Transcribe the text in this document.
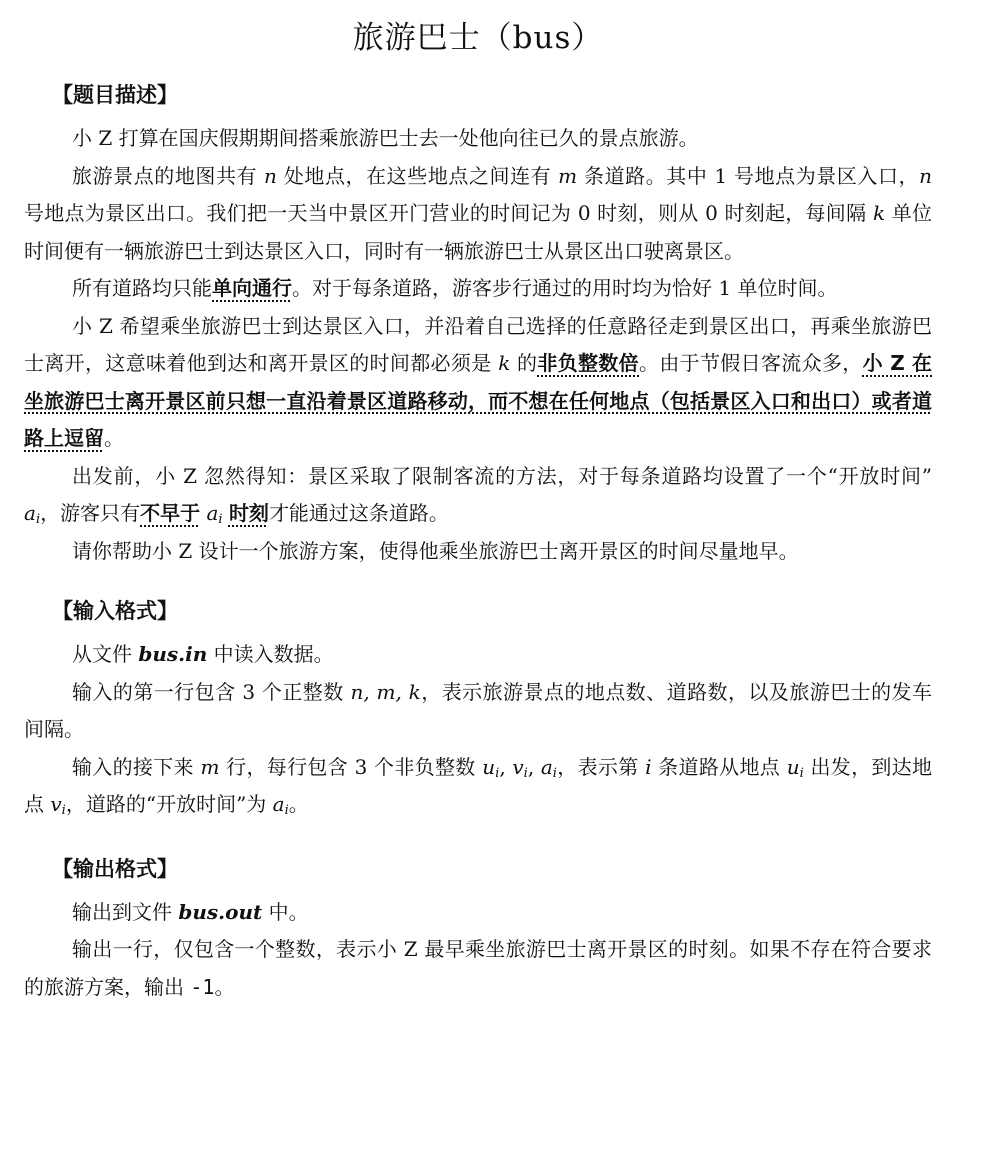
旅游巴士（bus）
【题目描述】

小 Z 打算在国庆假期期间搭乘旅游巴士去一处他向往已久的景点旅游。

旅游景点的地图共有 n 处地点，在这些地点之间连有 m 条道路。其中 1 号地点为景区入口，n 号地点为景区出口。我们把一天当中景区开门营业的时间记为 0 时刻，则从 0 时刻起，每间隔 k 单位时间便有一辆旅游巴士到达景区入口，同时有一辆旅游巴士从景区出口驶离景区。

所有道路均只能单向通行。对于每条道路，游客步行通过的用时均为恰好 1 单位时间。

小 Z 希望乘坐旅游巴士到达景区入口，并沿着自己选择的任意路径走到景区出口，再乘坐旅游巴士离开，这意味着他到达和离开景区的时间都必须是 k 的非负整数倍。由于节假日客流众多，小 Z 在坐旅游巴士离开景区前只想一直沿着景区道路移动，而不想在任何地点（包括景区入口和出口）或者道路上逗留。

出发前，小 Z 忽然得知：景区采取了限制客流的方法，对于每条道路均设置了一个“开放时间” $a_i$，游客只有不早于 $a_i$ 时刻才能通过这条道路。

请你帮助小 Z 设计一个旅游方案，使得他乘坐旅游巴士离开景区的时间尽量地早。

【输入格式】

从文件 bus.in 中读入数据。

输入的第一行包含 3 个正整数 n, m, k，表示旅游景点的地点数、道路数，以及旅游巴士的发车间隔。

输入的接下来 m 行，每行包含 3 个非负整数 $u_i$, $v_i$, $a_i$，表示第 i 条道路从地点 $u_i$ 出发，到达地点 $v_i$，道路的“开放时间”为 $a_i$。

【输出格式】

输出到文件 bus.out 中。

输出一行，仅包含一个整数，表示小 Z 最早乘坐旅游巴士离开景区的时刻。如果不存在符合要求的旅游方案，输出 -1。
